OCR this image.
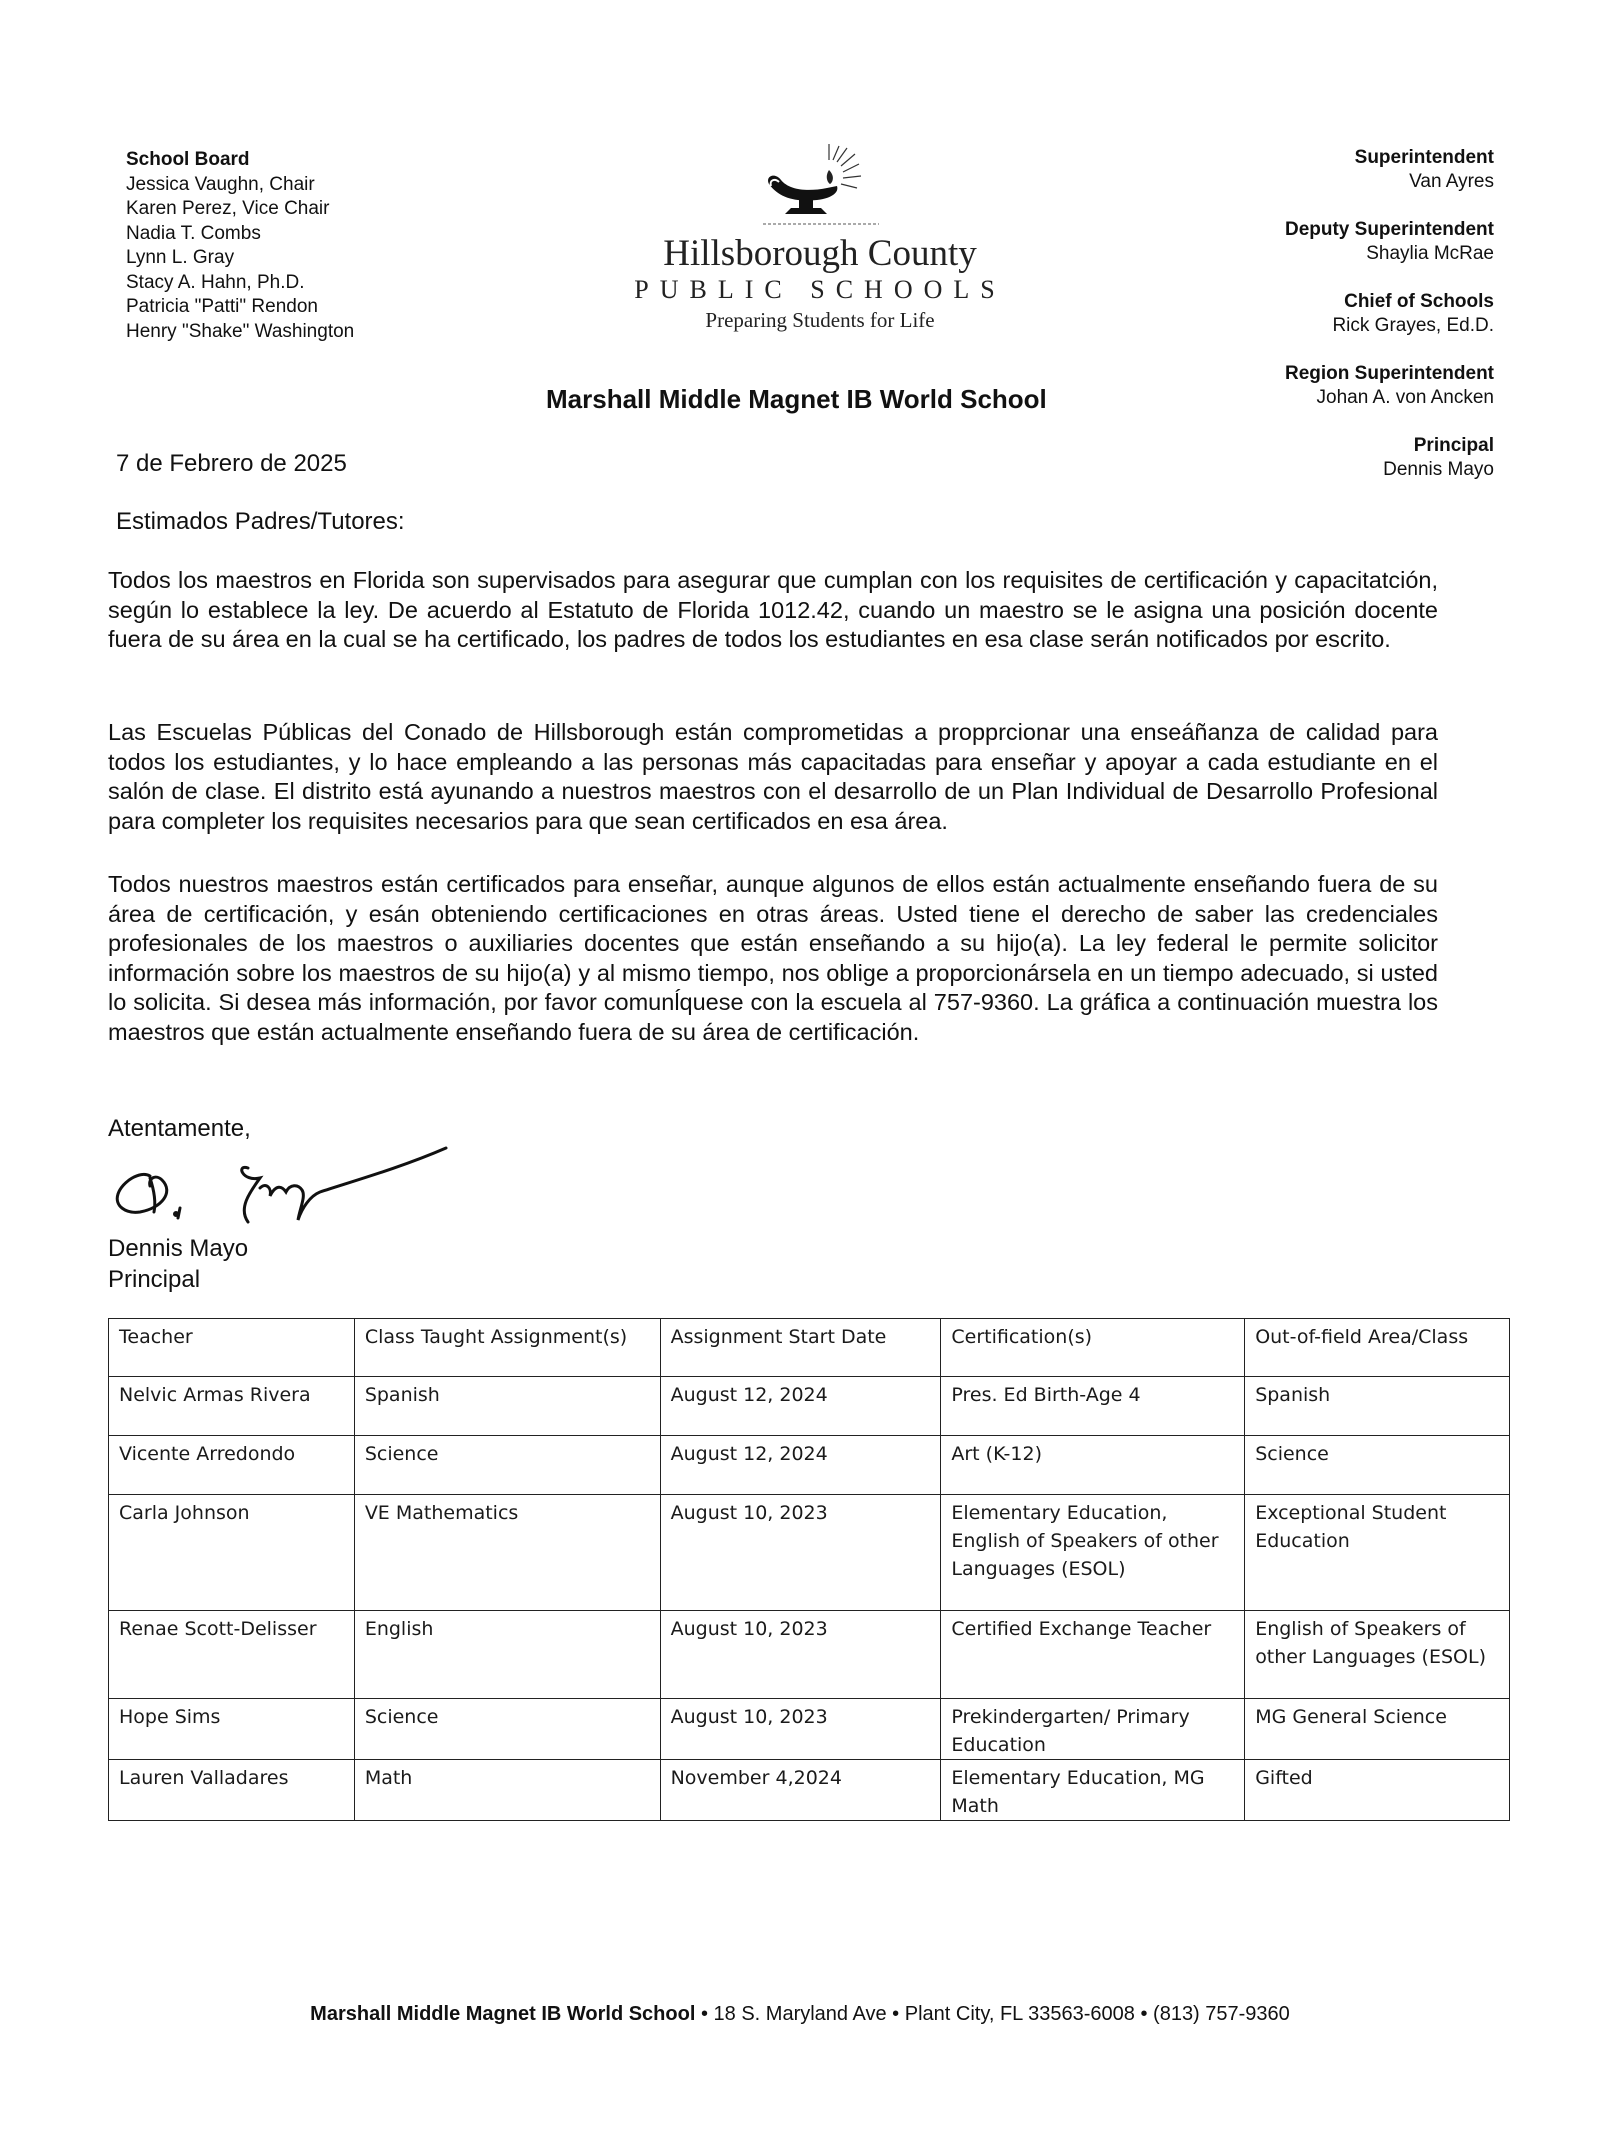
School Board
Jessica Vaughn, Chair
Karen Perez, Vice Chair
Nadia T. Combs
Lynn L. Gray
Stacy A. Hahn, Ph.D.
Patricia "Patti" Rendon
Henry "Shake" Washington
Hillsborough County
PUBLIC SCHOOLS
Preparing Students for Life
Superintendent
Van Ayres
Deputy Superintendent
Shaylia McRae
Chief of Schools
Rick Grayes, Ed.D.
Region Superintendent
Johan A. von Ancken
Principal
Dennis Mayo
Marshall Middle Magnet IB World School
7 de Febrero de 2025
Estimados Padres/Tutores:

Todos los maestros en Florida son supervisados para asegurar que cumplan con los requisites de certificación y capacitatción, según lo establece la ley. De acuerdo al Estatuto de Florida 1012.42, cuando un maestro se le asigna una posición docente fuera de su área en la cual se ha certificado, los padres de todos los estudiantes en esa clase serán notificados por escrito.

Las Escuelas Públicas del Conado de Hillsborough están comprometidas a propprcionar una enseáñanza de calidad para todos los estudiantes, y lo hace empleando a las personas más capacitadas para enseñar y apoyar a cada estudiante en el salón de clase. El distrito está ayunando a nuestros maestros con el desarrollo de un Plan Individual de Desarrollo Profesional para completer los requisites necesarios para que sean certificados en esa área.

Todos nuestros maestros están certificados para enseñar, aunque algunos de ellos están actualmente enseñando fuera de su área de certificación, y esán obteniendo certificaciones en otras áreas. Usted tiene el derecho de saber las credenciales profesionales de los maestros o auxiliaries docentes que están enseñando a su hijo(a). La ley federal le permite solicitor información sobre los maestros de su hijo(a) y al mismo tiempo, nos oblige a proporcionársela en un tiempo adecuado, si usted lo solicita. Si desea más información, por favor comunĺquese con la escuela al 757-9360. La gráfica a continuación muestra los maestros que están actualmente enseñando fuera de su área de certificación.

Atentamente,
Dennis Mayo
Principal
Teacher	Class Taught Assignment(s)	Assignment Start Date	Certification(s)	Out-of-field Area/Class
Nelvic Armas Rivera	Spanish	August 12, 2024	Pres. Ed Birth-Age 4	Spanish
Vicente Arredondo	Science	August 12, 2024	Art (K-12)	Science
Carla Johnson	VE Mathematics	August 10, 2023	Elementary Education, English of Speakers of other Languages (ESOL)	Exceptional Student Education
Renae Scott-Delisser	English	August 10, 2023	Certified Exchange Teacher	English of Speakers of other Languages (ESOL)
Hope Sims	Science	August 10, 2023	Prekindergarten/ Primary Education	MG General Science
Lauren Valladares	Math	November 4,2024	Elementary Education, MG Math	Gifted
Marshall Middle Magnet IB World School • 18 S. Maryland Ave • Plant City, FL 33563-6008 • (813) 757-9360
